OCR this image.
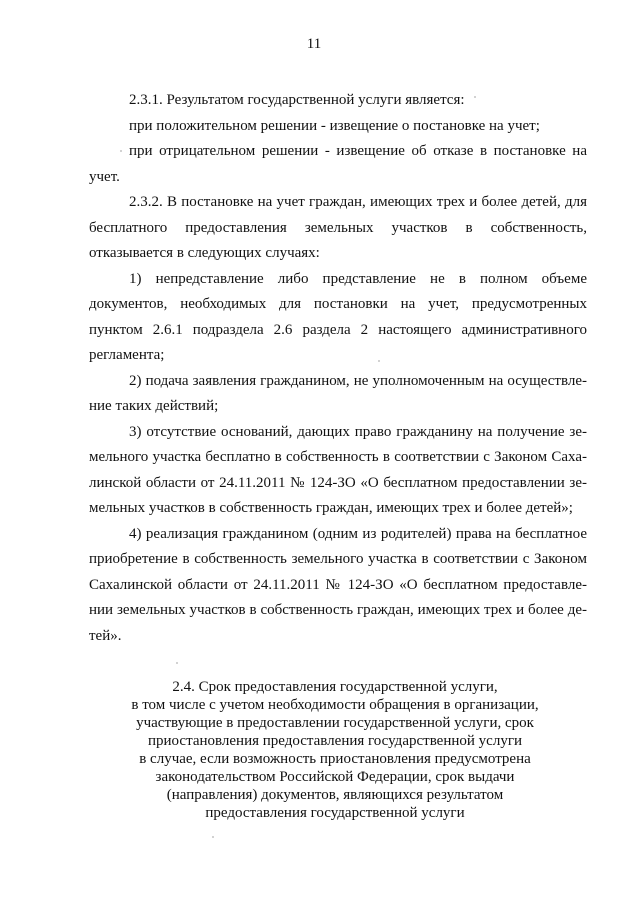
11

2.3.1. Результатом государственной услуги является:

при положительном решении - извещение о постановке на учет;

при отрицательном решении - извещение об отказе в постановке на учет.

2.3.2. В постановке на учет граждан, имеющих трех и более детей, для бесплатного предоставления земельных участков в собственность, отказывается в следующих случаях:

1) непредставление либо представление не в полном объеме документов, необходимых для постановки на учет, предусмотренных пунктом 2.6.1 подраздела 2.6 раздела 2 настоящего административного регламента;

2) подача заявления гражданином, не уполномоченным на осуществление таких действий;

3) отсутствие оснований, дающих право гражданину на получение земельного участка бесплатно в собственность в соответствии с Законом Сахалинской области от 24.11.2011 № 124-ЗО «О бесплатном предоставлении земельных участков в собственность граждан, имеющих трех и более детей»;

4) реализация гражданином (одним из родителей) права на бесплатное приобретение в собственность земельного участка в соответствии с Законом Сахалинской области от 24.11.2011 № 124-ЗО «О бесплатном предоставлении земельных участков в собственность граждан, имеющих трех и более детей».

2.4. Срок предоставления государственной услуги,
в том числе с учетом необходимости обращения в организации,
участвующие в предоставлении государственной услуги, срок
приостановления предоставления государственной услуги
в случае, если возможность приостановления предусмотрена
законодательством Российской Федерации, срок выдачи
(направления) документов, являющихся результатом
предоставления государственной услуги
